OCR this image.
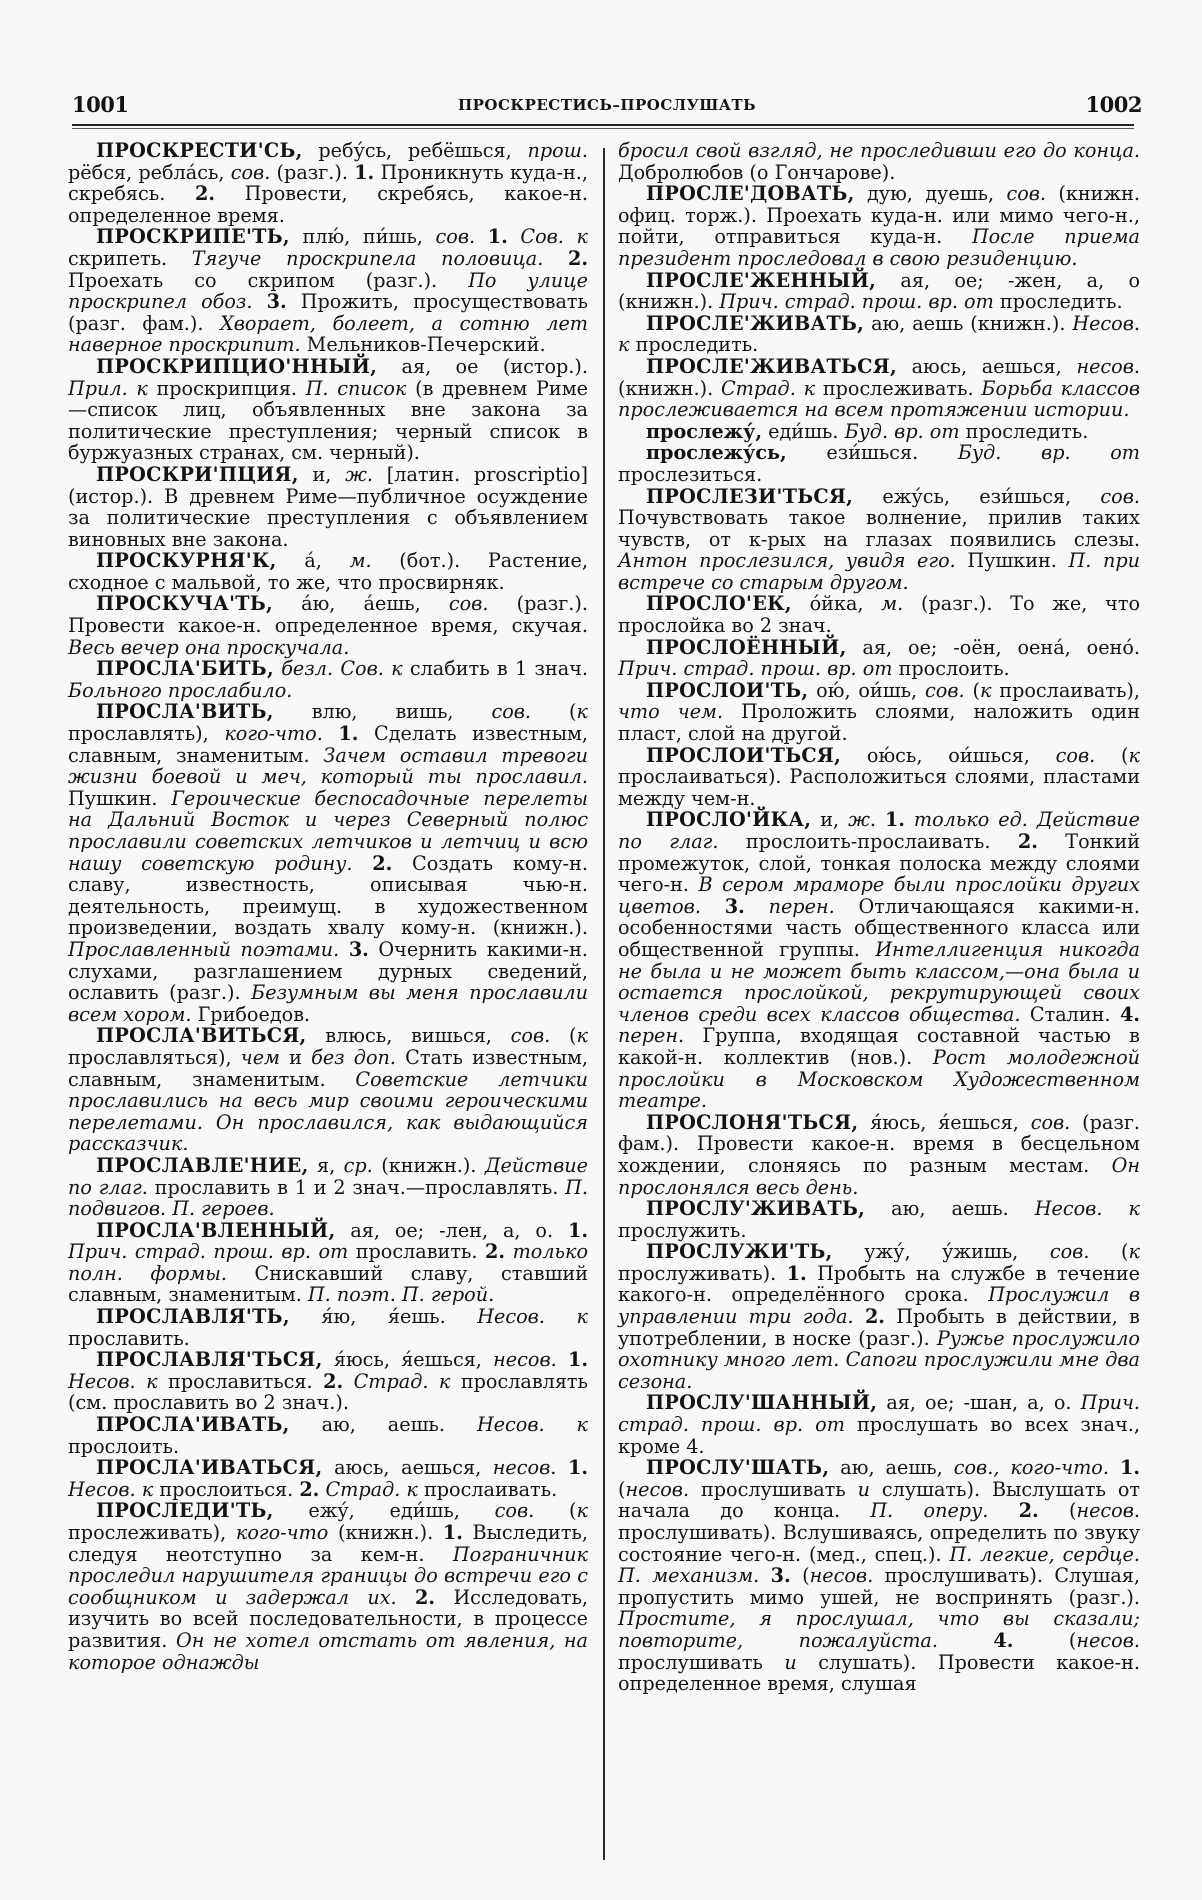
1001	ПРОСКРЕСТИСЬ–ПРОСЛУШАТЬ	1002

ПРОСКРЕСТИ'СЬ, ребу́сь, ребёшься, прош. рёбся, ребла́сь, сов. (разг.). 1. Проникнуть куда-н., скребясь. 2. Провести, скребясь, какое-н. определенное время.

ПРОСКРИПЕ'ТЬ, плю́, пи́шь, сов. 1. Сов. к скрипеть. Тягуче проскрипела половица. 2. Проехать со скрипом (разг.). По улице проскрипел обоз. 3. Прожить, просуществовать (разг. фам.). Хворает, болеет, а сотню лет наверное проскрипит. Мельников-Печерский.

ПРОСКРИПЦИО'ННЫЙ, ая, ое (истор.). Прил. к проскрипция. П. список (в древнем Риме—список лиц, объявленных вне закона за политические преступления; черный список в буржуазных странах, см. черный).

ПРОСКРИ'ПЦИЯ, и, ж. [латин. proscriptio] (истор.). В древнем Риме—публичное осуждение за политические преступления с объявлением виновных вне закона.

ПРОСКУРНЯ'К, а́, м. (бот.). Растение, сходное с мальвой, то же, что просвирняк.

ПРОСКУЧА'ТЬ, а́ю, а́ешь, сов. (разг.). Провести какое-н. определенное время, скучая. Весь вечер она проскучала.

ПРОСЛА'БИТЬ, безл. Сов. к слабить в 1 знач. Больного прослабило.

ПРОСЛА'ВИТЬ, влю, вишь, сов. (к прославлять), кого-что. 1. Сделать известным, славным, знаменитым. Зачем оставил тревоги жизни боевой и меч, который ты прославил. Пушкин. Героические беспосадочные перелеты на Дальний Восток и через Северный полюс прославили советских летчиков и летчиц и всю нашу советскую родину. 2. Создать кому-н. славу, известность, описывая чью-н. деятельность, преимущ. в художественном произведении, воздать хвалу кому-н. (книжн.). Прославленный поэтами. 3. Очернить какими-н. слухами, разглашением дурных сведений, ославить (разг.). Безумным вы меня прославили всем хором. Грибоедов.

ПРОСЛА'ВИТЬСЯ, влюсь, вишься, сов. (к прославляться), чем и без доп. Стать известным, славным, знаменитым. Советские летчики прославились на весь мир своими героическими перелетами. Он прославился, как выдающийся рассказчик.

ПРОСЛАВЛЕ'НИЕ, я, ср. (книжн.). Действие по глаг. прославить в 1 и 2 знач.—прославлять. П. подвигов. П. героев.

ПРОСЛА'ВЛЕННЫЙ, ая, ое; -лен, а, о. 1. Прич. страд. прош. вр. от прославить. 2. только полн. формы. Снискавший славу, ставший славным, знаменитым. П. поэт. П. герой.

ПРОСЛАВЛЯ'ТЬ, я́ю, я́ешь. Несов. к прославить.

ПРОСЛАВЛЯ'ТЬСЯ, я́юсь, я́ешься, несов. 1. Несов. к прославиться. 2. Страд. к прославлять (см. прославить во 2 знач.).

ПРОСЛА'ИВАТЬ, аю, аешь. Несов. к прослоить.

ПРОСЛА'ИВАТЬСЯ, аюсь, аешься, несов. 1. Несов. к прослоиться. 2. Страд. к прослаивать.

ПРОСЛЕДИ'ТЬ, ежу́, еди́шь, сов. (к прослеживать), кого-что (книжн.). 1. Выследить, следуя неотступно за кем-н. Пограничник проследил нарушителя границы до встречи его с сообщником и задержал их. 2. Исследовать, изучить во всей последовательности, в процессе развития. Он не хотел отстать от явления, на которое однажды

бросил свой взгляд, не проследивши его до конца. Добролюбов (о Гончарове).

ПРОСЛЕ'ДОВАТЬ, дую, дуешь, сов. (книжн. офиц. торж.). Проехать куда-н. или мимо чего-н., пойти, отправиться куда-н. После приема президент проследовал в свою резиденцию.

ПРОСЛЕ'ЖЕННЫЙ, ая, ое; -жен, а, о (книжн.). Прич. страд. прош. вр. от проследить.

ПРОСЛЕ'ЖИВАТЬ, аю, аешь (книжн.). Несов. к проследить.

ПРОСЛЕ'ЖИВАТЬСЯ, аюсь, аешься, несов. (книжн.). Страд. к прослеживать. Борьба классов прослеживается на всем протяжении истории.

прослежу́, еди́шь. Буд. вр. от проследить.

прослежу́сь, ези́шься. Буд. вр. от прослезиться.

ПРОСЛЕЗИ'ТЬСЯ, ежу́сь, ези́шься, сов. Почувствовать такое волнение, прилив таких чувств, от к-рых на глазах появились слезы. Антон прослезился, увидя его. Пушкин. П. при встрече со старым другом.

ПРОСЛО'ЕК, о́йка, м. (разг.). То же, что прослойка во 2 знач.

ПРОСЛОЁННЫЙ, ая, ое; -оён, оена́, оено́. Прич. страд. прош. вр. от прослоить.

ПРОСЛОИ'ТЬ, ою́, ои́шь, сов. (к прослаивать), что чем. Проложить слоями, наложить один пласт, слой на другой.

ПРОСЛОИ'ТЬСЯ, ою́сь, ои́шься, сов. (к прослаиваться). Расположиться слоями, пластами между чем-н.

ПРОСЛО'ЙКА, и, ж. 1. только ед. Действие по глаг. прослоить-прослаивать. 2. Тонкий промежуток, слой, тонкая полоска между слоями чего-н. В сером мраморе были прослойки других цветов. 3. перен. Отличающаяся какими-н. особенностями часть общественного класса или общественной группы. Интеллигенция никогда не была и не может быть классом,—она была и остается прослойкой, рекрутирующей своих членов среди всех классов общества. Сталин. 4. перен. Группа, входящая составной частью в какой-н. коллектив (нов.). Рост молодежной прослойки в Московском Художественном театре.

ПРОСЛОНЯ'ТЬСЯ, я́юсь, я́ешься, сов. (разг. фам.). Провести какое-н. время в бесцельном хождении, слоняясь по разным местам. Он прослонялся весь день.

ПРОСЛУ'ЖИВАТЬ, аю, аешь. Несов. к прослужить.

ПРОСЛУЖИ'ТЬ, ужу́, у́жишь, сов. (к прослуживать). 1. Пробыть на службе в течение какого-н. определённого срока. Прослужил в управлении три года. 2. Пробыть в действии, в употреблении, в носке (разг.). Ружье прослужило охотнику много лет. Сапоги прослужили мне два сезона.

ПРОСЛУ'ШАННЫЙ, ая, ое; -шан, а, о. Прич. страд. прош. вр. от прослушать во всех знач., кроме 4.

ПРОСЛУ'ШАТЬ, аю, аешь, сов., кого-что. 1. (несов. прослушивать и слушать). Выслушать от начала до конца. П. оперу. 2. (несов. прослушивать). Вслушиваясь, определить по звуку состояние чего-н. (мед., спец.). П. легкие, сердце. П. механизм. 3. (несов. прослушивать). Слушая, пропустить мимо ушей, не воспринять (разг.). Простите, я прослушал, что вы сказали; повторите, пожалуйста.	4. (несов. прослушивать и слушать). Провести какое-н. определенное время, слушая
